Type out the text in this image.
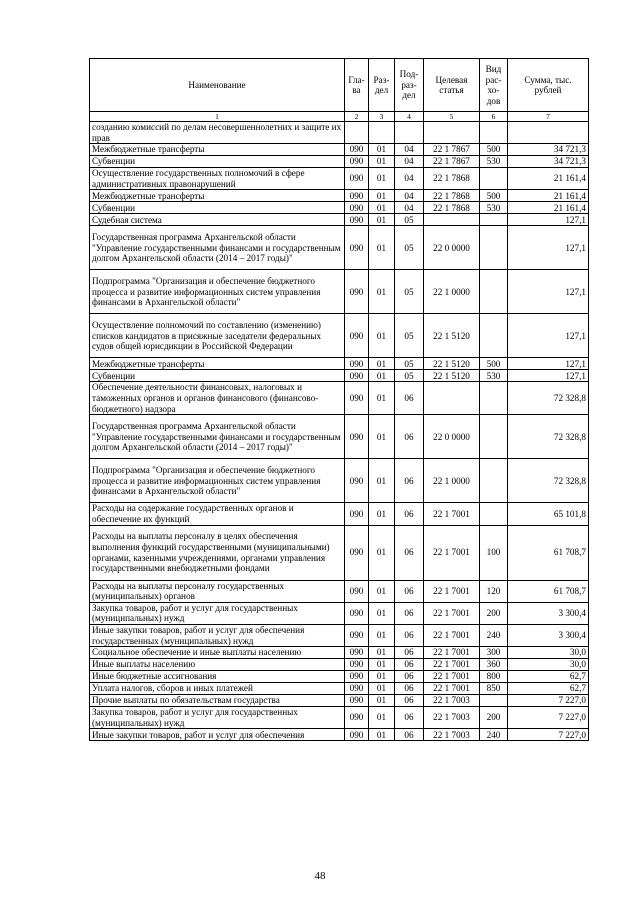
Наименование	Гла-ва	Раз-дел	Под-раз-дел	Целевая статья	Вид рас-хо-дов	Сумма, тыс. рублей
1	2	3	4	5	6	7
созданию комиссий по делам несовершеннолетних и защите их прав						
Межбюджетные трансферты	090	01	04	22 1 7867	500	34 721,3
Субвенции	090	01	04	22 1 7867	530	34 721,3
Осуществление государственных полномочий в сфере административных правонарушений	090	01	04	22 1 7868		21 161,4
Межбюджетные трансферты	090	01	04	22 1 7868	500	21 161,4
Субвенции	090	01	04	22 1 7868	530	21 161,4
Судебная система	090	01	05			127,1
Государственная программа Архангельской области "Управление государственными финансами и государственным долгом Архангельской области (2014 – 2017 годы)"	090	01	05	22 0 0000		127,1
Подпрограмма "Организация и обеспечение бюджетного процесса и развитие информационных систем управления финансами в Архангельской области"	090	01	05	22 1 0000		127,1
Осуществление полномочий по составлению (изменению) списков кандидатов в присяжные заседатели федеральных судов общей юрисдикции в Российской Федерации	090	01	05	22 1 5120		127,1
Межбюджетные трансферты	090	01	05	22 1 5120	500	127,1
Субвенции	090	01	05	22 1 5120	530	127,1
Обеспечение деятельности финансовых, налоговых и таможенных органов и органов финансового (финансово-бюджетного) надзора	090	01	06			72 328,8
Государственная программа Архангельской области "Управление государственными финансами и государственным долгом Архангельской области (2014 – 2017 годы)"	090	01	06	22 0 0000		72 328,8
Подпрограмма "Организация и обеспечение бюджетного процесса и развитие информационных систем управления финансами в Архангельской области"	090	01	06	22 1 0000		72 328,8
Расходы на содержание государственных органов и обеспечение их функций	090	01	06	22 1 7001		65 101,8
Расходы на выплаты персоналу в целях обеспечения выполнения функций государственными (муниципальными) органами, казенными учреждениями, органами управления государственными внебюджетными фондами	090	01	06	22 1 7001	100	61 708,7
Расходы на выплаты персоналу государственных (муниципальных) органов	090	01	06	22 1 7001	120	61 708,7
Закупка товаров, работ и услуг для государственных (муниципальных) нужд	090	01	06	22 1 7001	200	3 300,4
Иные закупки товаров, работ и услуг для обеспечения государственных (муниципальных) нужд	090	01	06	22 1 7001	240	3 300,4
Социальное обеспечение и иные выплаты населению	090	01	06	22 1 7001	300	30,0
Иные выплаты населению	090	01	06	22 1 7001	360	30,0
Иные бюджетные ассигнования	090	01	06	22 1 7001	800	62,7
Уплата налогов, сборов и иных платежей	090	01	06	22 1 7001	850	62,7
Прочие выплаты по обязательствам государства	090	01	06	22 1 7003		7 227,0
Закупка товаров, работ и услуг для государственных (муниципальных) нужд	090	01	06	22 1 7003	200	7 227,0
Иные закупки товаров, работ и услуг для обеспечения	090	01	06	22 1 7003	240	7 227,0
48
